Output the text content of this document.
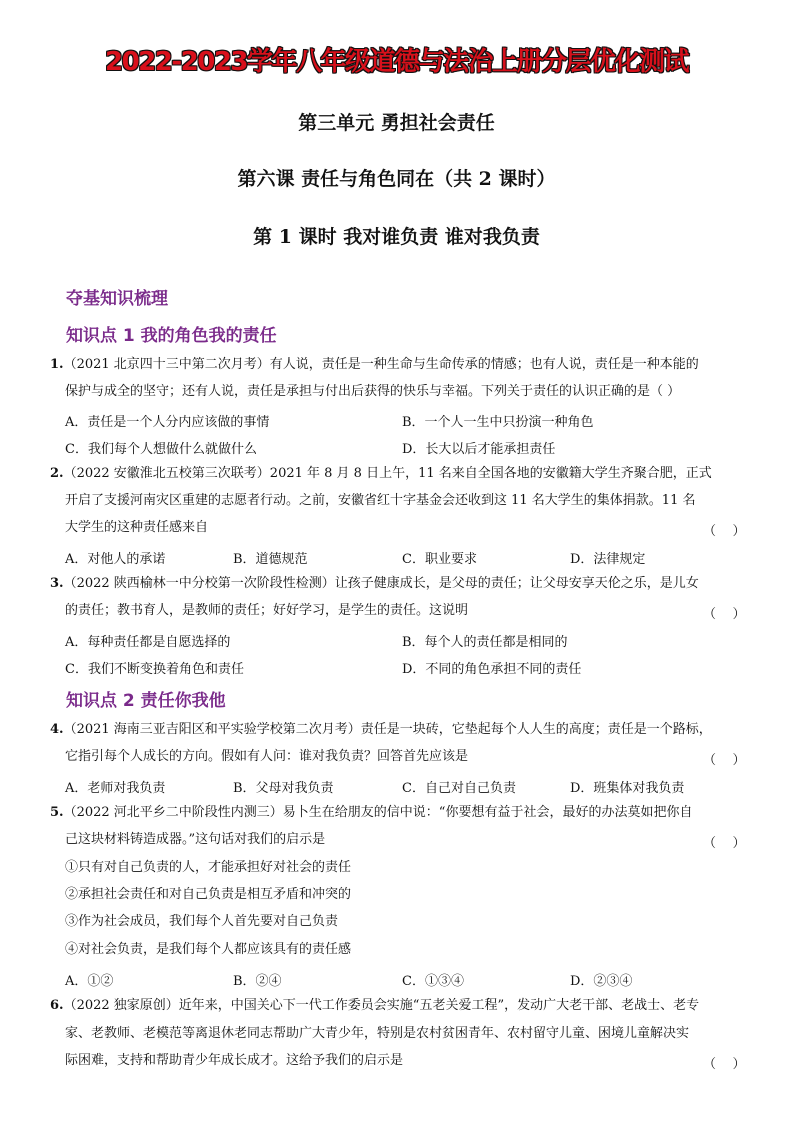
2022-2023学年八年级道德与法治上册分层优化测试
第三单元 勇担社会责任
第六课 责任与角色同在（共 2 课时）
第 1 课时 我对谁负责 谁对我负责
夺基知识梳理
知识点 1 我的角色我的责任
1.（2021 北京四十三中第二次月考）有人说，责任是一种生命与生命传承的情感；也有人说，责任是一种本能的
保护与成全的坚守；还有人说，责任是承担与付出后获得的快乐与幸福。下列关于责任的认识正确的是（ ）
A．责任是一个人分内应该做的事情	B．一个人一生中只扮演一种角色
C．我们每个人想做什么就做什么	D．长大以后才能承担责任
2.（2022 安徽淮北五校第三次联考）2021 年 8 月 8 日上午，11 名来自全国各地的安徽籍大学生齐聚合肥，正式
开启了支援河南灾区重建的志愿者行动。之前，安徽省红十字基金会还收到这 11 名大学生的集体捐款。11 名
大学生的这种责任感来自	（    ）
A．对他人的承诺	B．道德规范	C．职业要求	D．法律规定
3.（2022 陕西榆林一中分校第一次阶段性检测）让孩子健康成长，是父母的责任；让父母安享天伦之乐，是儿女
的责任；教书育人，是教师的责任；好好学习，是学生的责任。这说明	（    ）
A．每种责任都是自愿选择的	B．每个人的责任都是相同的
C．我们不断变换着角色和责任	D．不同的角色承担不同的责任
知识点 2 责任你我他
4.（2021 海南三亚吉阳区和平实验学校第二次月考）责任是一块砖，它垫起每个人人生的高度；责任是一个路标，
它指引每个人成长的方向。假如有人问：谁对我负责？回答首先应该是	（    ）
A．老师对我负责	B．父母对我负责	C．自己对自己负责	D．班集体对我负责
5.（2022 河北平乡二中阶段性内测三）易卜生在给朋友的信中说：“你要想有益于社会，最好的办法莫如把你自
己这块材料铸造成器。”这句话对我们的启示是	（    ）
①只有对自己负责的人，才能承担好对社会的责任
②承担社会责任和对自己负责是相互矛盾和冲突的
③作为社会成员，我们每个人首先要对自己负责
④对社会负责，是我们每个人都应该具有的责任感
A．①②	B．②④	C．①③④	D．②③④
6.（2022 独家原创）近年来，中国关心下一代工作委员会实施“五老关爱工程”，发动广大老干部、老战士、老专
家、老教师、老模范等离退休老同志帮助广大青少年，特别是农村贫困青年、农村留守儿童、困境儿童解决实
际困难，支持和帮助青少年成长成才。这给予我们的启示是	（    ）
